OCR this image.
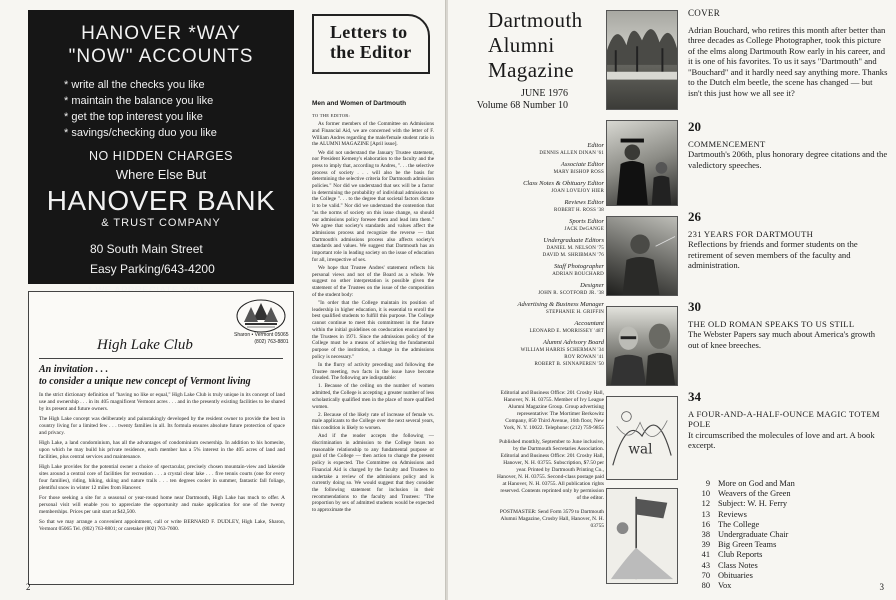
HANOVER *WAY
"NOW" ACCOUNTS
* write all the checks you like
* maintain the balance you like
* get the top interest you like
* savings/checking duo you like
NO HIDDEN CHARGES
Where Else But
HANOVER BANK
& TRUST COMPANY
80 South Main Street
Easy Parking/643-4200
*
High Lake Club
Sharon • Vermont 05065
(802) 763-8801
An invitation . . .
to consider a unique new concept of Vermont living

In the strict dictionary definition of "having no like or equal," High Lake Club is truly unique in its concept of land use and ownership . . . in its 405 magnificent Vermont acres . . . and in the presently existing facilities to be shared by its present and future owners.

The High Lake concept was deliberately and painstakingly developed by the resident owner to provide the best in country living for a limited few . . . twenty families in all. Its formula ensures absolute future protection of space and privacy.

High Lake, a land condominium, has all the advantages of condominium ownership. In addition to his homesite, upon which he may build his private residence, each member has a 5% interest in the 405 acres of land and facilities, plus central services and maintenance.

High Lake provides for the potential owner a choice of spectacular, precisely chosen mountain-view and lakeside sites around a central core of facilities for recreation . . . a crystal clear lake . . . five tennis courts (one for every four families), riding, hiking, skiing and nature trails . . . ten degrees cooler in summer, fantastic fall foliage, plentiful snow in winter 12 miles from Hanover.

For those seeking a site for a seasonal or year-round home near Dartmouth, High Lake has much to offer. A personal visit will enable you to appreciate the opportunity and make application for one of the twenty memberships. Prices per unit start at $42,500.

So that we may arrange a convenient appointment, call or write BERNARD F. DUDLEY, High Lake, Sharon, Vermont 05065 Tel. (802) 763-8801; or caretaker (802) 763-7600.

Letters to
the Editor
Men and Women of Dartmouth

TO THE EDITOR:

As former members of the Committee on Admissions and Financial Aid, we are concerned with the letter of F. William Andres regarding the male/female student ratio in the ALUMNI MAGAZINE [April issue].

We did not understand the January Trustee statement, nor President Kemeny's elaboration to the faculty and the press to imply that, according to Andres, ". . . the selective process of society . . . will also be the basis for determining the selective criteria for Dartmouth admission policies." Nor did we understand that sex will be a factor in determining the probability of individual admissions to the College ". . . to the degree that societal factors dictate it to be valid." Nor did we understand the contention that "as the norms of society on this issue change, so should our admissions policy foresee them and lead into them." We agree that society's standards and values affect the admissions process and recognize the reverse — that Dartmouth's admissions process also affects society's standards and values. We suggest that Dartmouth has an important role in leading society on the issue of education for all, irrespective of sex.

We hope that Trustee Andres' statement reflects his personal views and not of the Board as a whole. We suggest no other interpretation is possible given the statement of the Trustees on the issue of the composition of the student body:

"In order that the College maintain its position of leadership in higher education, it is essential to enroll the best qualified students to fulfill this purpose. The College cannot continue to meet this commitment in the future within the initial guidelines on coeducation enunciated by the Trustees in 1971. Since the admissions policy of the College must be a means of achieving the fundamental purpose of the institution, a change in the admissions policy is necessary."

In the flurry of activity preceding and following the Trustee meeting, two facts in the issue have become clouded. The following are indisputable:

1. Because of the ceiling on the number of women admitted, the College is accepting a greater number of less scholastically qualified men in the place of more qualified women.

2. Because of the likely rate of increase of female vs. male applicants to the College over the next several years, this condition is likely to worsen.

And if the reader accepts the following — discrimination in admission to the College bears no reasonable relationship to any fundamental purpose or goal of the College — then action to change the present policy is expected. The Committee on Admissions and Financial Aid is charged by the faculty and Trustees to undertake a review of the admissions policy and is currently doing so. We would suggest that they consider the following statement for inclusion in their recommendations to the faculty and Trustees: "The proportion by sex of admitted students would be expected to approximate the

2
Dartmouth
Alumni
Magazine
JUNE 1976
Volume 68 Number 10
Editor
DENNIS ALLEN DINAN '61
Associate Editor
MARY BISHOP ROSS
Class Notes & Obituary Editor
JOAN LOVEJOY HIER
Reviews Editor
ROBERT H. ROSS '38
Sports Editor
JACK DeGANGE
Undergraduate Editors
DANIEL M. NELSON '75
DAVID M. SHRIBMAN '76
Staff Photographer
ADRIAN BOUCHARD
Designer
JOHN R. SCOTFORD JR. '38
Advertising & Business Manager
STEPHANIE H. GRIFFIN
Accountant
LEONARD E. MORRISSEY '48T
Alumni Advisory Board
WILLIAM HARRIS SCHERMAN '34
ROY ROWAN '41
ROBERT B. SINNAPEREN '50

Editorial and Business Office: 201 Crosby Hall, Hanover, N. H. 03755. Member of Ivy League Alumni Magazine Group. Group advertising representative: The Mortimer Berkowitz Company, 850 Third Avenue, 16th floor, New York, N. Y. 10022. Telephone: (212) 759-9855

Published monthly, September to June inclusive, by the Dartmouth Secretaries Association. Editorial and Business Office: 201 Crosby Hall, Hanover, N. H. 03755. Subscription, $7.50 per year. Printed by Dartmouth Printing Co., Hanover, N. H. 03755. Second-class postage paid at Hanover, N. H. 03755. All publication rights reserved. Contents reprinted only by permission of the editor.

POSTMASTER: Send Form 3579 to Dartmouth Alumni Magazine, Crosby Hall, Hanover, N. H. 03755

wal
COVER
Adrian Bouchard, who retires this month after better than three decades as College Photographer, took this picture of the elms along Dartmouth Row early in his career, and it is one of his favorites. To us it says "Dartmouth" and "Bouchard" and it hardly need say anything more. Thanks to the Dutch elm beetle, the scene has changed — but isn't this just how we all see it?
20
COMMENCEMENT
Dartmouth's 206th, plus honorary degree citations and the valedictory speeches.
26
231 YEARS FOR DARTMOUTH
Reflections by friends and former students on the retirement of seven members of the faculty and administration.
30
THE OLD ROMAN SPEAKS TO US STILL
The Webster Papers say much about America's growth out of knee breeches.
34
A FOUR-AND-A-HALF-OUNCE MAGIC TOTEM POLE
It circumscribed the molecules of love and art. A book excerpt.
9 More on God and Man
10 Weavers of the Green
12 Subject: W. H. Ferry
13 Reviews
16 The College
38 Undergraduate Chair
39 Big Green Teams
41 Club Reports
43 Class Notes
70 Obituaries
80 Vox	3
